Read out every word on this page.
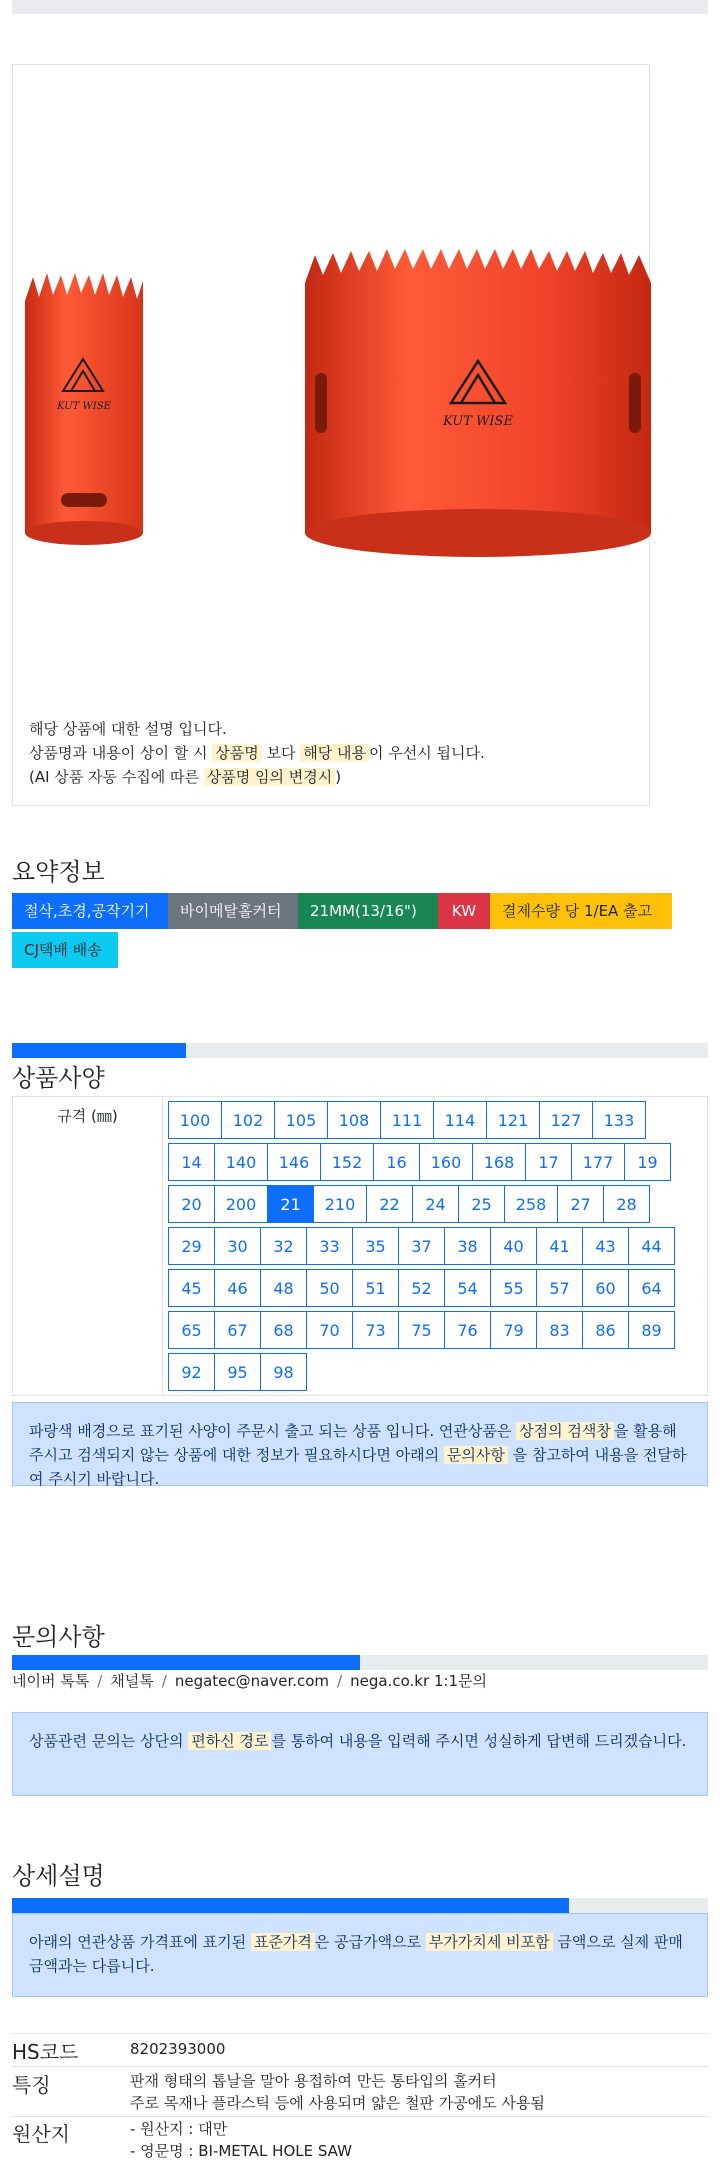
KUT WISE
KUT WISE
해당 상품에 대한 설명 입니다.
상품명과 내용이 상이 할 시 상품명 보다 해당 내용 이 우선시 됩니다.
(AI 상품 자동 수집에 따른 상품명 임의 변경시 )
요약정보
절삭,초경,공작기기	바이메탈홀커터	21MM(13/16")	KW	결제수량 당 1/EA 출고
CJ택배 배송
상품사양
규격 (㎜)	100	102	105	108	111	114	121	127	133
14	140	146	152	16	160	168	17	177	19
20	200	21	210	22	24	25	258	27	28
29	30	32	33	35	37	38	40	41	43	44
45	46	48	50	51	52	54	55	57	60	64
65	67	68	70	73	75	76	79	83	86	89
92	95	98
파랑색 배경으로 표기된 사양이 주문시 출고 되는 상품 입니다. 연관상품은 상점의 검색창 을 활용해 주시고 검색되지 않는 상품에 대한 정보가 필요하시다면 아래의 문의사항 을 참고하여 내용을 전달하여 주시기 바랍니다.
문의사항
네이버 톡톡 / 채널톡 / negatec@naver.com / nega.co.kr 1:1문의
상품관련 문의는 상단의 편하신 경로 를 통하여 내용을 입력해 주시면 성실하게 답변해 드리겠습니다.
상세설명
아래의 연관상품 가격표에 표기된 표준가격 은 공급가액으로 부가가치세 비포함 금액으로 실제 판매금액과는 다릅니다.
HS코드	8202393000
특징	판재 형태의 톱날을 말아 용접하여 만든 통타입의 홀커터
주로 목재나 플라스틱 등에 사용되며 얇은 철판 가공에도 사용됨
원산지	- 원산지 : 대만
- 영문명 : BI-METAL HOLE SAW
